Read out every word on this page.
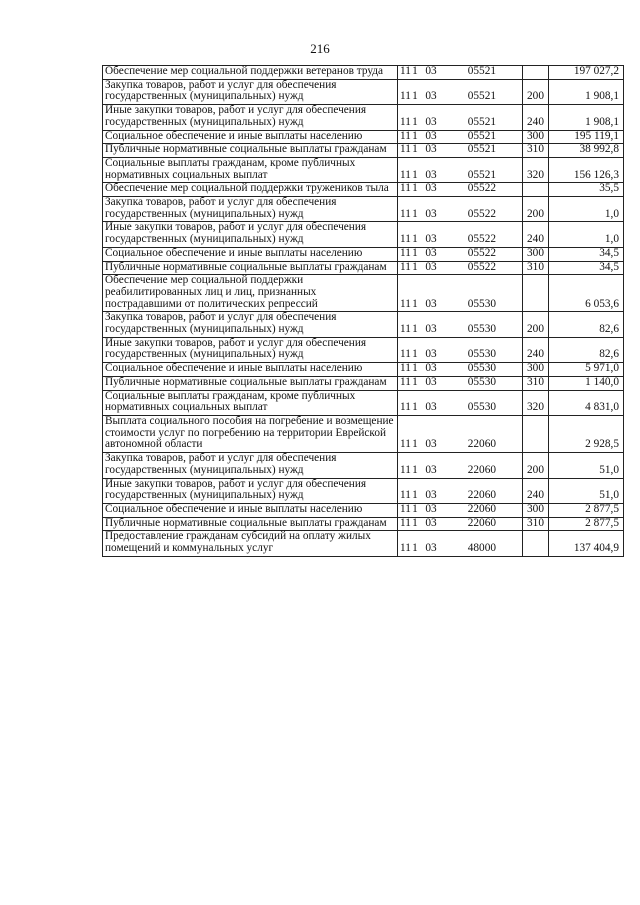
216
Обеспечение мер социальной поддержки ветеранов труда	111 03 05521		197 027,2
Закупка товаров, работ и услуг для обеспечения государственных (муниципальных) нужд	111 03 05521	200	1 908,1
Иные закупки товаров, работ и услуг для обеспечения государственных (муниципальных) нужд	111 03 05521	240	1 908,1
Социальное обеспечение и иные выплаты населению	111 03 05521	300	195 119,1
Публичные нормативные социальные выплаты гражданам	111 03 05521	310	38 992,8
Социальные выплаты гражданам, кроме публичных нормативных социальных выплат	111 03 05521	320	156 126,3
Обеспечение мер социальной поддержки тружеников тыла	111 03 05522		35,5
Закупка товаров, работ и услуг для обеспечения государственных (муниципальных) нужд	111 03 05522	200	1,0
Иные закупки товаров, работ и услуг для обеспечения государственных (муниципальных) нужд	111 03 05522	240	1,0
Социальное обеспечение и иные выплаты населению	111 03 05522	300	34,5
Публичные нормативные социальные выплаты гражданам	111 03 05522	310	34,5
Обеспечение мер социальной поддержки реабилитированных лиц и лиц, признанных пострадавшими от политических репрессий	111 03 05530		6 053,6
Закупка товаров, работ и услуг для обеспечения государственных (муниципальных) нужд	111 03 05530	200	82,6
Иные закупки товаров, работ и услуг для обеспечения государственных (муниципальных) нужд	111 03 05530	240	82,6
Социальное обеспечение и иные выплаты населению	111 03 05530	300	5 971,0
Публичные нормативные социальные выплаты гражданам	111 03 05530	310	1 140,0
Социальные выплаты гражданам, кроме публичных нормативных социальных выплат	111 03 05530	320	4 831,0
Выплата социального пособия на погребение и возмещение стоимости услуг по погребению на территории Еврейской автономной области	111 03 22060		2 928,5
Закупка товаров, работ и услуг для обеспечения государственных (муниципальных) нужд	111 03 22060	200	51,0
Иные закупки товаров, работ и услуг для обеспечения государственных (муниципальных) нужд	111 03 22060	240	51,0
Социальное обеспечение и иные выплаты населению	111 03 22060	300	2 877,5
Публичные нормативные социальные выплаты гражданам	111 03 22060	310	2 877,5
Предоставление гражданам субсидий на оплату жилых помещений и коммунальных услуг	111 03 48000		137 404,9
